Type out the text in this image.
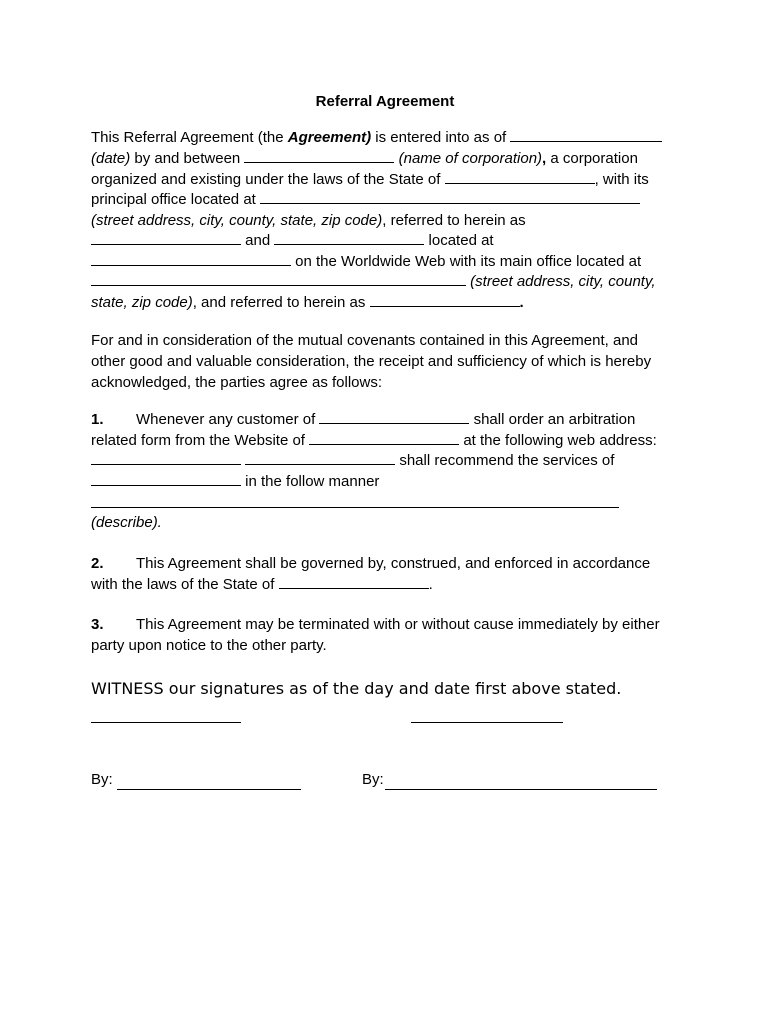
Referral Agreement
This Referral Agreement (the Agreement) is entered into as of
(date) by and between	(name of corporation), a corporation
organized and existing under the laws of the State of	, with its
principal office located at
(street address, city, county, state, zip code), referred to herein as
and	located at
on the Worldwide Web with its main office located at
(street address, city, county,
state, zip code), and referred to herein as	.
For and in consideration of the mutual covenants contained in this Agreement, and
other good and valuable consideration, the receipt and sufficiency of which is hereby
acknowledged, the parties agree as follows:
1. Whenever any customer of	shall order an arbitration
related form from the Website of	at the following web address:
shall recommend the services of
in the follow manner
(describe).
2. This Agreement shall be governed by, construed, and enforced in accordance
with the laws of the State of	.
3. This Agreement may be terminated with or without cause immediately by either
party upon notice to the other party.
WITNESS our signatures as of the day and date first above stated.
By:	By:
